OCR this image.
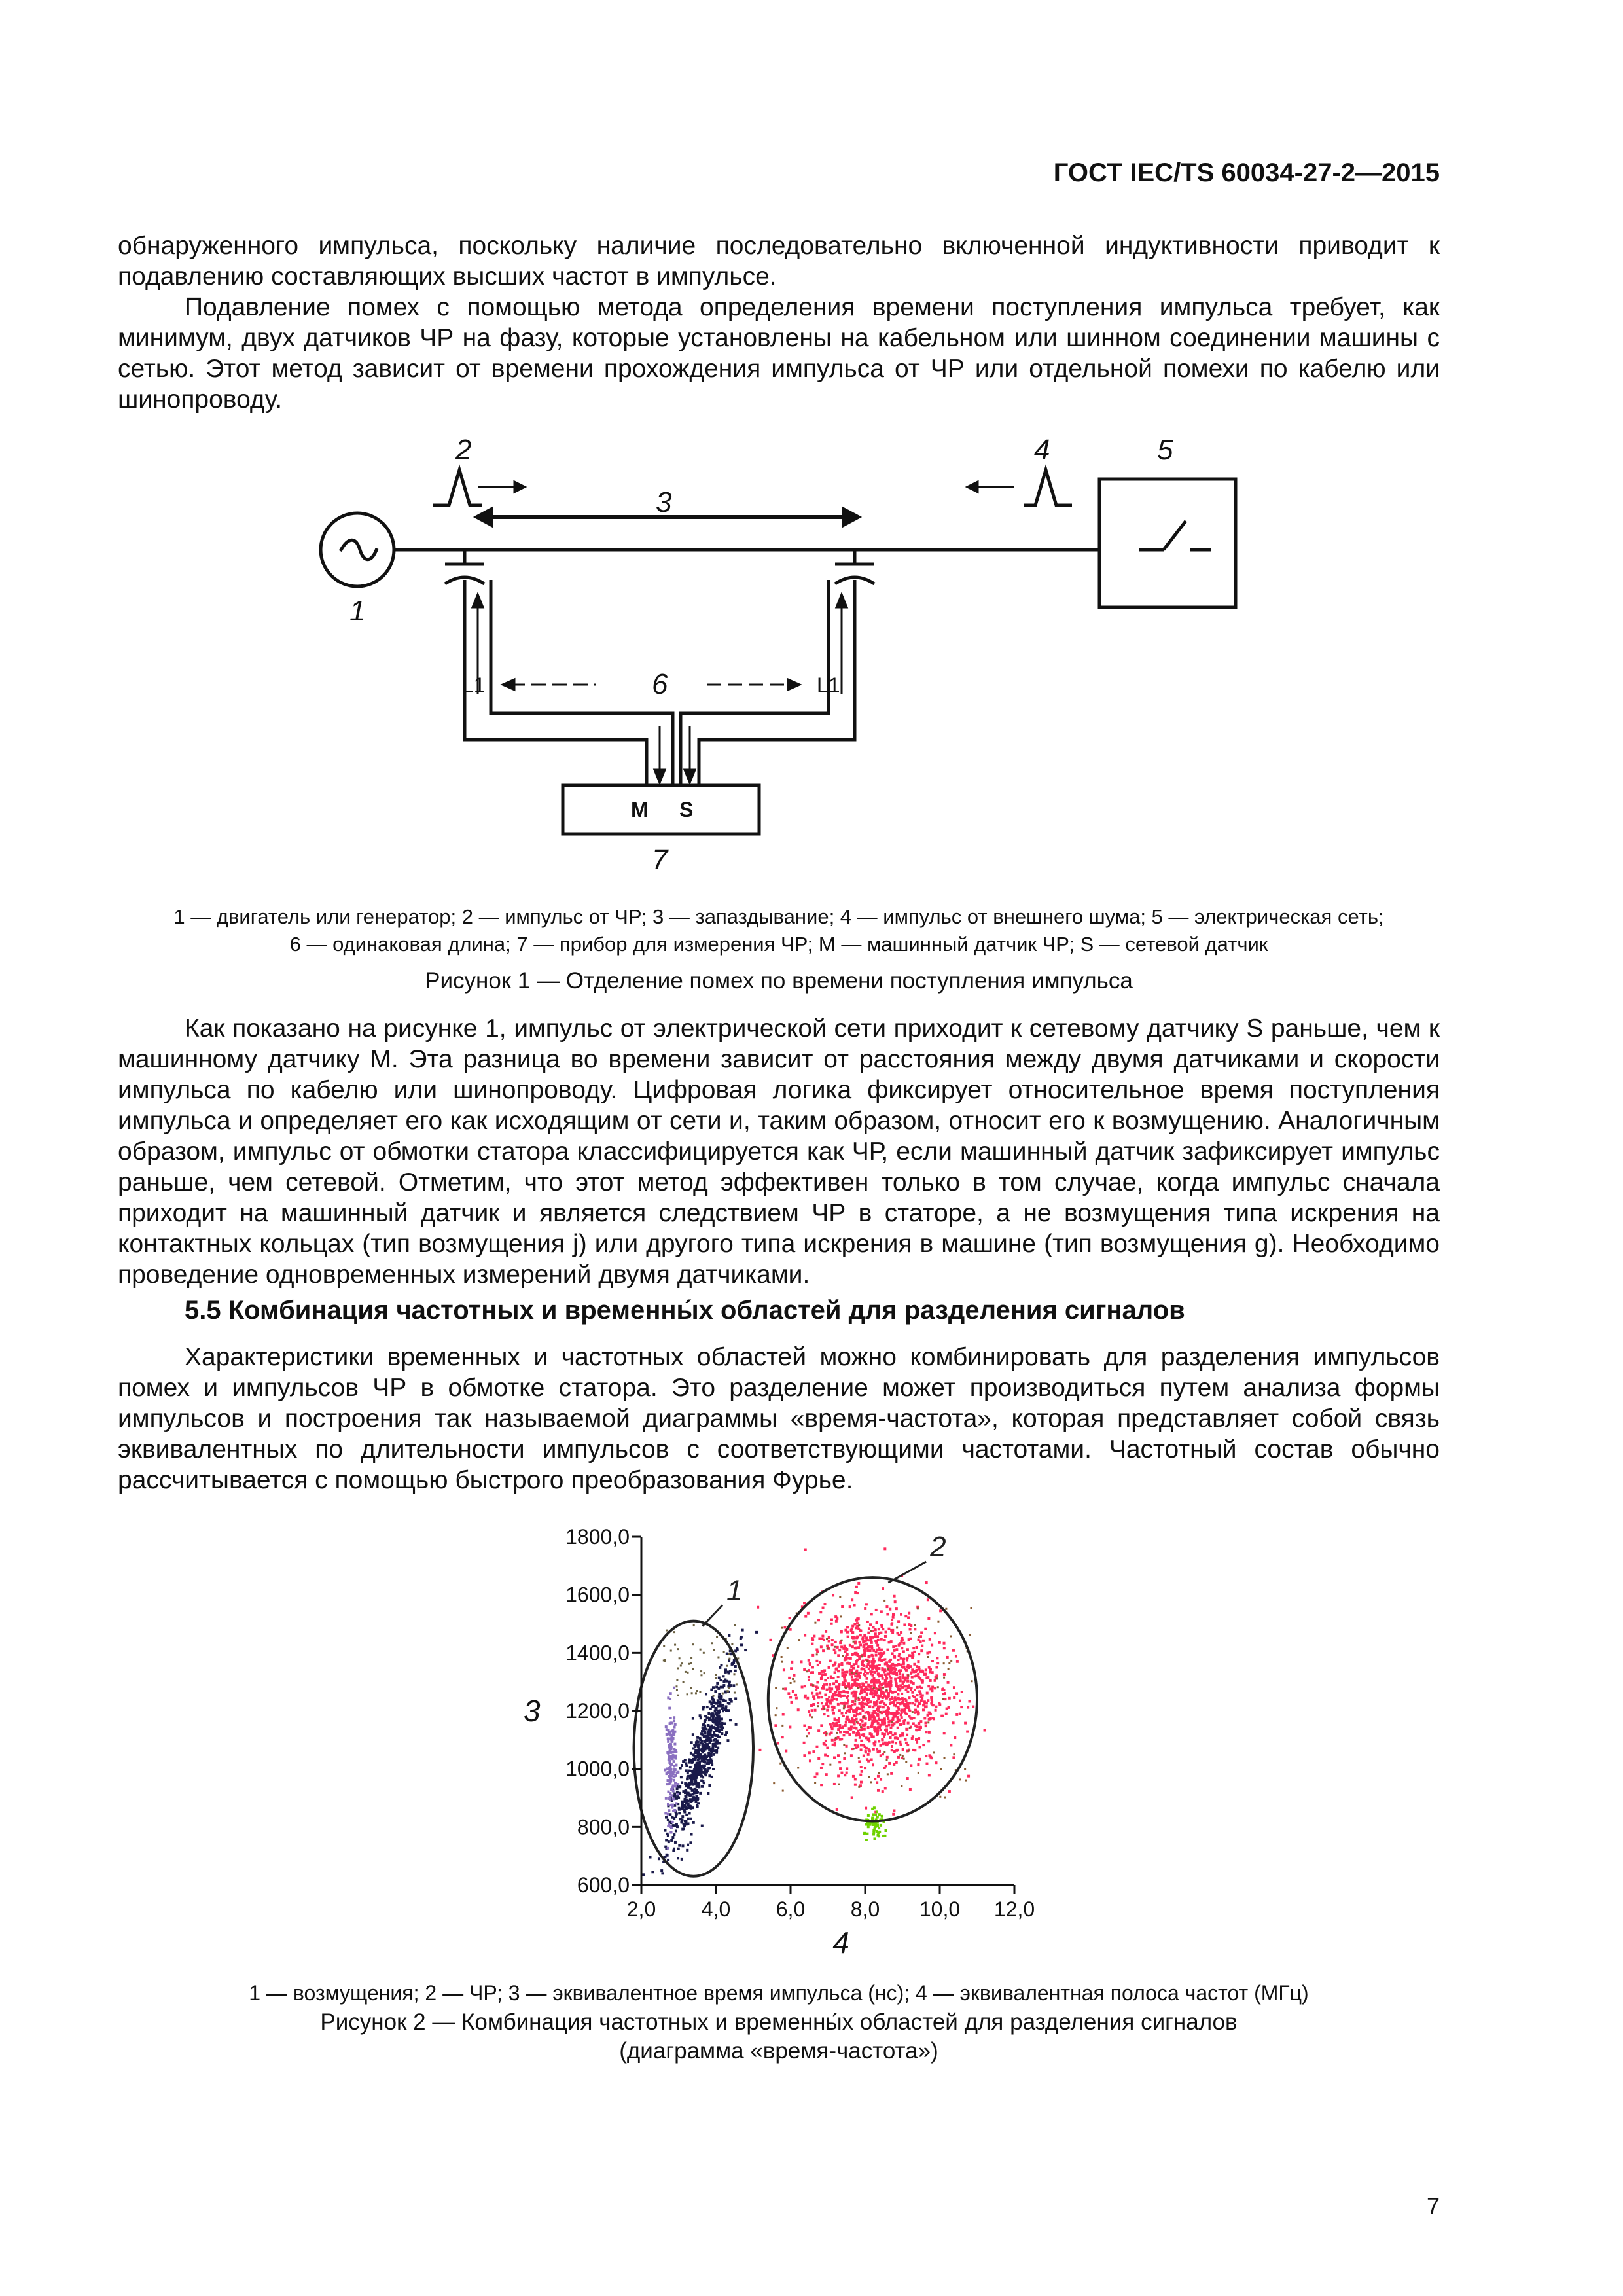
ГОСТ IEC/TS 60034-27-2—2015

обнаруженного импульса, поскольку наличие последовательно включенной индуктивности приводит к подавлению составляющих высших частот в импульсе.

Подавление помех с помощью метода определения времени поступления импульса требует, как минимум, двух датчиков ЧР на фазу, которые установлены на кабельном или шинном соединении машины с сетью. Этот метод зависит от времени прохождения импульса от ЧР или отдельной помехи по кабелю или шинопроводу.

2	4	5
3
1
6
7
L1	L1
M S
1 — двигатель или генератор; 2 — импульс от ЧР; 3 — запаздывание; 4 — импульс от внешнего шума; 5 — электрическая сеть;
6 — одинаковая длина; 7 — прибор для измерения ЧР; М — машинный датчик ЧР; S — сетевой датчик
Рисунок 1 — Отделение помех по времени поступления импульса

Как показано на рисунке 1, импульс от электрической сети приходит к сетевому датчику S раньше, чем к машинному датчику М. Эта разница во времени зависит от расстояния между двумя датчиками и скорости импульса по кабелю или шинопроводу. Цифровая логика фиксирует относительное время поступления импульса и определяет его как исходящим от сети и, таким образом, относит его к возмущению. Аналогичным образом, импульс от обмотки статора классифицируется как ЧР, если машинный датчик зафиксирует импульс раньше, чем сетевой. Отметим, что этот метод эффективен только в том случае, когда импульс сначала приходит на машинный датчик и является следствием ЧР в статоре, а не возмущения типа искрения на контактных кольцах (тип возмущения j) или другого типа искрения в машине (тип возмущения g). Необходимо проведение одновременных измерений двумя датчиками.

5.5 Комбинация частотных и временны́х областей для разделения сигналов

Характеристики временных и частотных областей можно комбинировать для разделения импульсов помех и импульсов ЧР в обмотке статора. Это разделение может производиться путем анализа формы импульсов и построения так называемой диаграммы «время-частота», которая представляет собой связь эквивалентных по длительности импульсов с соответствующими частотами. Частотный состав обычно рассчитывается с помощью быстрого преобразования Фурье.

1
2
600,0
800,0
1000,0
1200,0
1400,0
1600,0
1800,0
2,0 4,0 6,0 8,0 10,0 12,0
4
3
1 — возмущения; 2 — ЧР; 3 — эквивалентное время импульса (нс); 4 — эквивалентная полоса частот (МГц)
Рисунок 2 — Комбинация частотных и временны́х областей для разделения сигналов
(диаграмма «время-частота»)
7
